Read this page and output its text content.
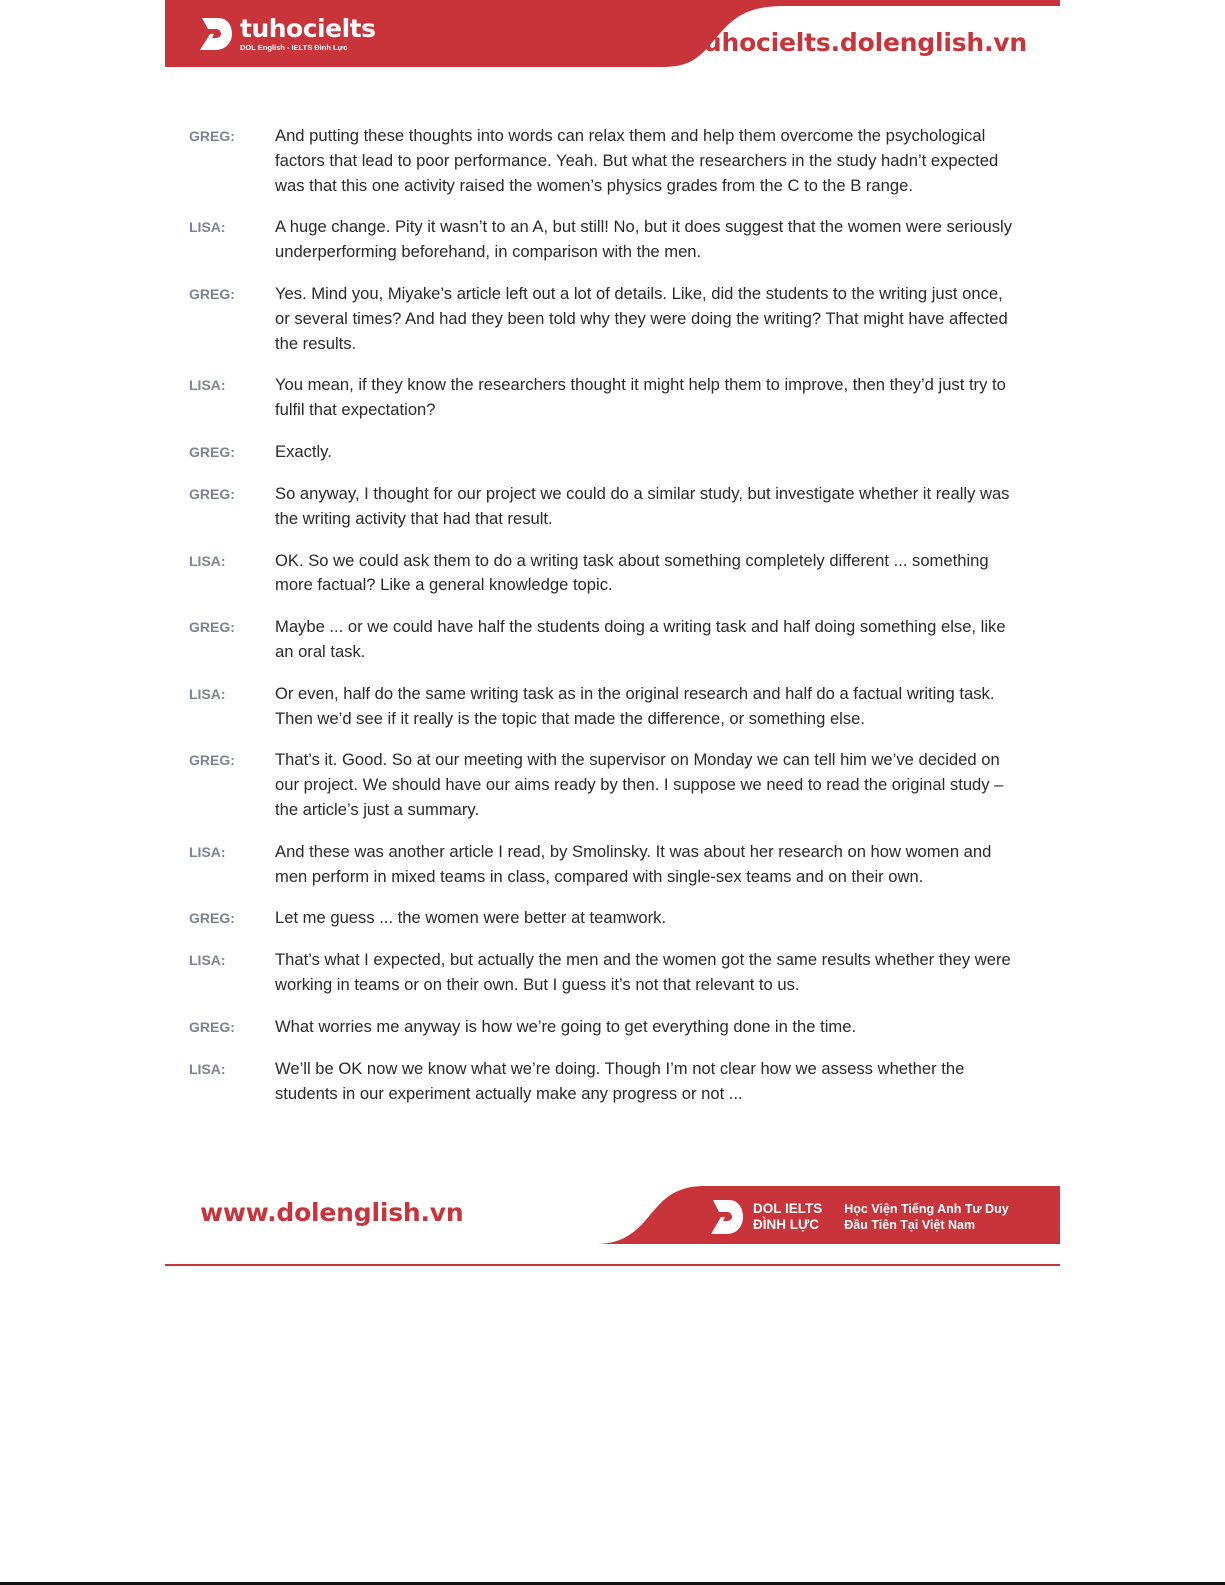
tuhocielts
DOL English - IELTS Đình Lực	www.tuhocielts.dolenglish.vn
GREG:	And putting these thoughts into words can relax them and help them overcome the psychological factors that lead to poor performance. Yeah. But what the researchers in the study hadn’t expected was that this one activity raised the women’s physics grades from the C to the B range.
LISA:	A huge change. Pity it wasn’t to an A, but still! No, but it does suggest that the women were seriously underperforming beforehand, in comparison with the men.
GREG:	Yes. Mind you, Miyake’s article left out a lot of details. Like, did the students to the writing just once, or several times? And had they been told why they were doing the writing? That might have affected the results.
LISA:	You mean, if they know the researchers thought it might help them to improve, then they’d just try to fulfil that expectation?
GREG:	Exactly.
GREG:	So anyway, I thought for our project we could do a similar study, but investigate whether it really was the writing activity that had that result.
LISA:	OK. So we could ask them to do a writing task about something completely different ... something more factual? Like a general knowledge topic.
GREG:	Maybe ... or we could have half the students doing a writing task and half doing something else, like an oral task.
LISA:	Or even, half do the same writing task as in the original research and half do a factual writing task. Then we’d see if it really is the topic that made the difference, or something else.
GREG:	That’s it. Good. So at our meeting with the supervisor on Monday we can tell him we’ve decided on our project. We should have our aims ready by then. I suppose we need to read the original study – the article’s just a summary.
LISA:	And these was another article I read, by Smolinsky. It was about her research on how women and men perform in mixed teams in class, compared with single-sex teams and on their own.
GREG:	Let me guess ... the women were better at teamwork.
LISA:	That’s what I expected, but actually the men and the women got the same results whether they were working in teams or on their own. But I guess it’s not that relevant to us.
GREG:	What worries me anyway is how we’re going to get everything done in the time.
LISA:	We’ll be OK now we know what we’re doing. Though I’m not clear how we assess whether the students in our experiment actually make any progress or not ...
www.dolenglish.vn	DOL IELTS
ĐÌNH LỰC
Học Viện Tiếng Anh Tư Duy
Đầu Tiên Tại Việt Nam
